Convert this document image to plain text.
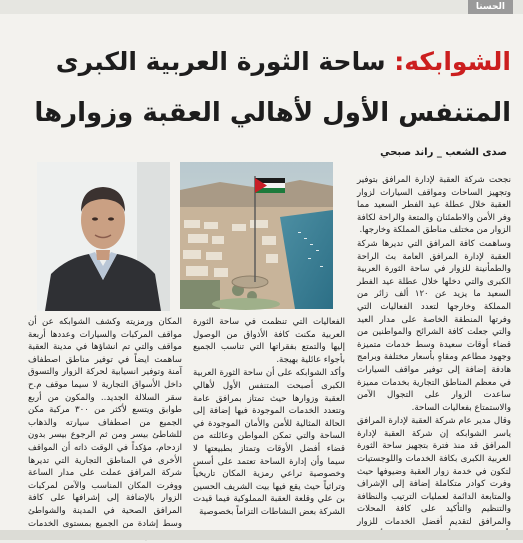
الحسنا
الشوابكه: ساحة الثورة العربية الكبرى
المتنفس الأول لأهالي العقبة وزوارها
صدى الشعب _ راند صبحي

نجحت شركة العقبة لإدارة المرافق بتوفير وتجهيز الساحات ومواقف السيارات لزوار العقبة خلال عطلة عيد الفطر السعيد مما وفر الأمن والاطمئنان والمتعة والراحة لكافة الزوار من مختلف مناطق المملكة وخارجها.

وساهمت كافة المرافق التي تديرها شركة العقبة لإدارة المرافق العامة بث الراحة والطمأنينة للزوار في ساحة الثورة العربية الكبرى والتي دخلها خلال عطلة عيد الفطر السعيد ما يزيد عن ١٢٠ ألف زائر من المملكة وخارجها لتعدد الفعاليات التي وفرتها المنطقة الخاصة على مدار العيد والتي جعلت كافة الشرائح والمواطنين من قضاء أوقات سعيدة وسط خدمات متميزة وجهود مطاعم ومقاهٍ بأسعار مختلفة وبرامج هادفة إضافة إلى توفير مواقف السيارات في معظم المناطق التجارية بخدمات مميزة ساعدت الزوار على التجوال الآمن والاستمتاع بفعاليات الساحة.

وقال مدير عام شركة العقبة لإدارة المرافق ياسر الشوابكه إن شركة العقبة لإدارة المرافق قد منذ فترة بتجهيز ساحة الثورة العربية الكبرى بكافة الخدمات واللوجستيات لتكون في خدمة زوار العقبة وضيوفها حيث وفرت كوادر متكاملة إضافة إلى الإشراف والمتابعة الدائمة لعمليات الترتيب والنظافة والتنظيم والتأكيد على كافة المحلات والمرافق لتقديم أفضل الخدمات للزوار

الفعاليات التي تنظمت في ساحة الثورة العربية مكنت كافة الأذواق من الوصول إليها والتمتع بفقراتها التي تناسب الجميع بأجواء عائلية بهيجة.

وأكد الشوابكه على أن ساحة الثورة العربية الكبرى أصبحت المتنفس الأول لأهالي العقبة وزوارها حيث تمتاز بمرافق عامة وتتعدد الخدمات الموجودة فيها إضافة إلى الحالة المثالية للأمن والأمان الموجودة في الساحة والتي تمكن المواطن وعائلته من قضاء أفضل الأوقات وتمتاز بطبيعتها لا سيما وأن إدارة الساحة تعتمد على أسس وخصوصية تراعي رمزية المكان تاريخياً وتراثياً حيث يقع فيها بيت الشريف الحسين بن علي وقلعة العقبة المملوكية فيما قيدت الشركة بعض النشاطات التزاماً بخصوصية

المكان ورمزيته وكشف الشوابكه عن أن مواقف المركبات والسيارات وعددها أربعة مواقف والتي تم انشاؤها في مدينة العقبة ساهمت ايضاً في توفير مناطق اصطفاف آمنة وتوفير انسيابية لحركة الزوار والتسوق داخل الأسواق التجارية لا سيما موقف م.ح سقر السلالة الجديد.. والمكون من أربع طوابق ويتسع لأكثر من ٣٠٠ مركبة مكن الجميع من اصطفاف سيارته والذهاب للشاطئ بيسر ومن ثم الرجوع بيسر بدون ازدحام، مؤكداً في الوقت ذاته أن المواقف الأخرى في المناطق التجارية التي تديرها شركة المرافق عملت على مدار الساعة ووفرت المكان المناسب والآمن لمركبات الزوار بالإضافة إلى إشرافها على كافة المرافق الصحية في المدينة والشواطئ وسط إشادة من الجميع بمستوى الخدمات
